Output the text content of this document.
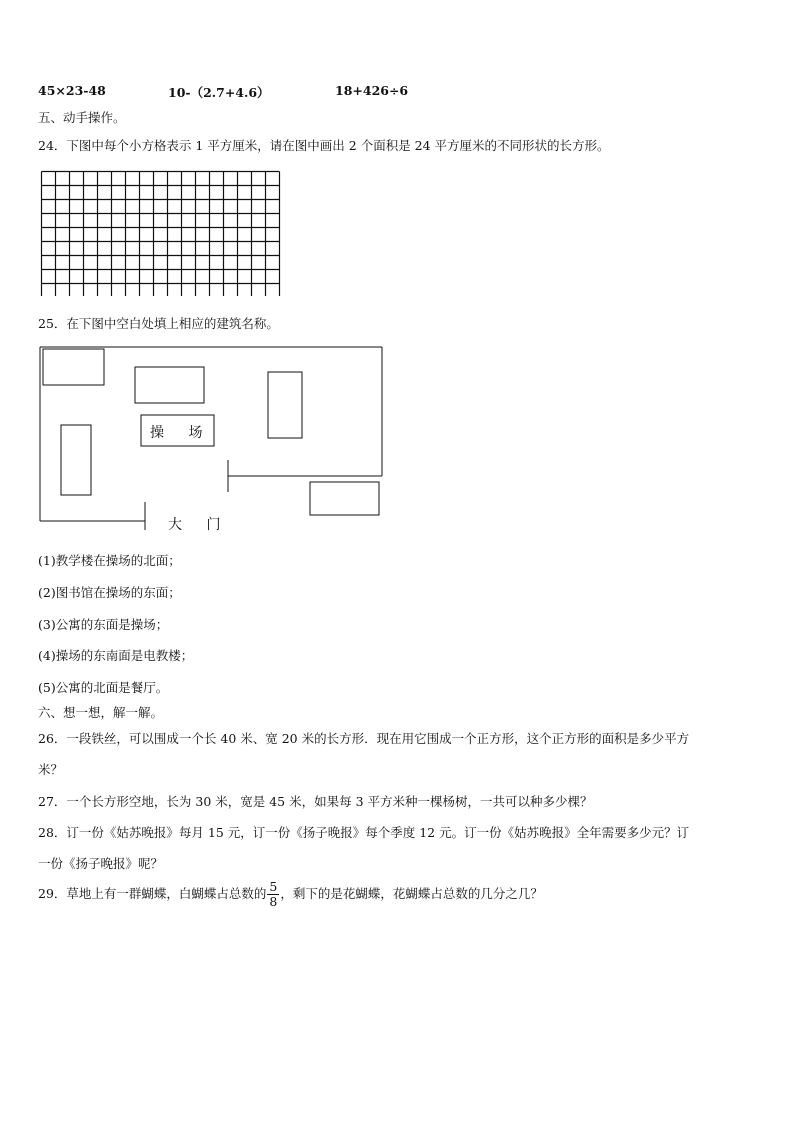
45×23-48	10-（2.7+4.6）	18+426÷6
五、动手操作。
24．下图中每个小方格表示 1 平方厘米，请在图中画出 2 个面积是 24 平方厘米的不同形状的长方形。
25．在下图中空白处填上相应的建筑名称。
操 场
大 门
(1)教学楼在操场的北面；
(2)图书馆在操场的东面；
(3)公寓的东面是操场；
(4)操场的东南面是电教楼；
(5)公寓的北面是餐厅。
六、想一想，解一解。
26．一段铁丝，可以围成一个长 40 米、宽 20 米的长方形．现在用它围成一个正方形，这个正方形的面积是多少平方
米？
27．一个长方形空地，长为 30 米，宽是 45 米，如果每 3 平方米种一棵杨树，一共可以种多少棵？
28．订一份《姑苏晚报》每月 15 元，订一份《扬子晚报》每个季度 12 元。订一份《姑苏晚报》全年需要多少元？订
一份《扬子晚报》呢？
29．草地上有一群蝴蝶，白蝴蝶占总数的 $\frac{5}{8}$ ，剩下的是花蝴蝶，花蝴蝶占总数的几分之几？
